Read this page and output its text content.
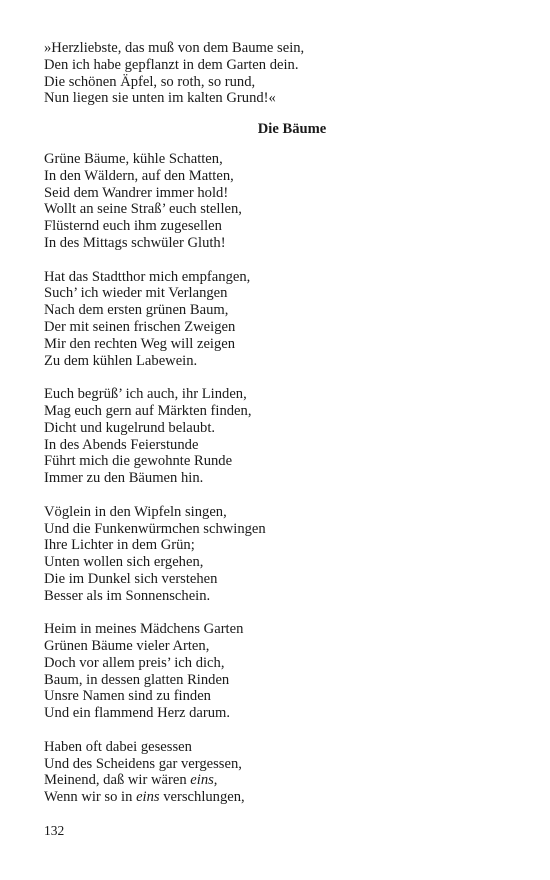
»Herzliebste, das muß von dem Baume sein,
Den ich habe gepflanzt in dem Garten dein.
Die schönen Äpfel, so roth, so rund,
Nun liegen sie unten im kalten Grund!«
Die Bäume
Grüne Bäume, kühle Schatten,
In den Wäldern, auf den Matten,
Seid dem Wandrer immer hold!
Wollt an seine Straß’ euch stellen,
Flüsternd euch ihm zugesellen
In des Mittags schwüler Gluth!
Hat das Stadtthor mich empfangen,
Such’ ich wieder mit Verlangen
Nach dem ersten grünen Baum,
Der mit seinen frischen Zweigen
Mir den rechten Weg will zeigen
Zu dem kühlen Labewein.
Euch begrüß’ ich auch, ihr Linden,
Mag euch gern auf Märkten finden,
Dicht und kugelrund belaubt.
In des Abends Feierstunde
Führt mich die gewohnte Runde
Immer zu den Bäumen hin.
Vöglein in den Wipfeln singen,
Und die Funkenwürmchen schwingen
Ihre Lichter in dem Grün;
Unten wollen sich ergehen,
Die im Dunkel sich verstehen
Besser als im Sonnenschein.
Heim in meines Mädchens Garten
Grünen Bäume vieler Arten,
Doch vor allem preis’ ich dich,
Baum, in dessen glatten Rinden
Unsre Namen sind zu finden
Und ein flammend Herz darum.
Haben oft dabei gesessen
Und des Scheidens gar vergessen,
Meinend, daß wir wären eins,
Wenn wir so in eins verschlungen,
132
